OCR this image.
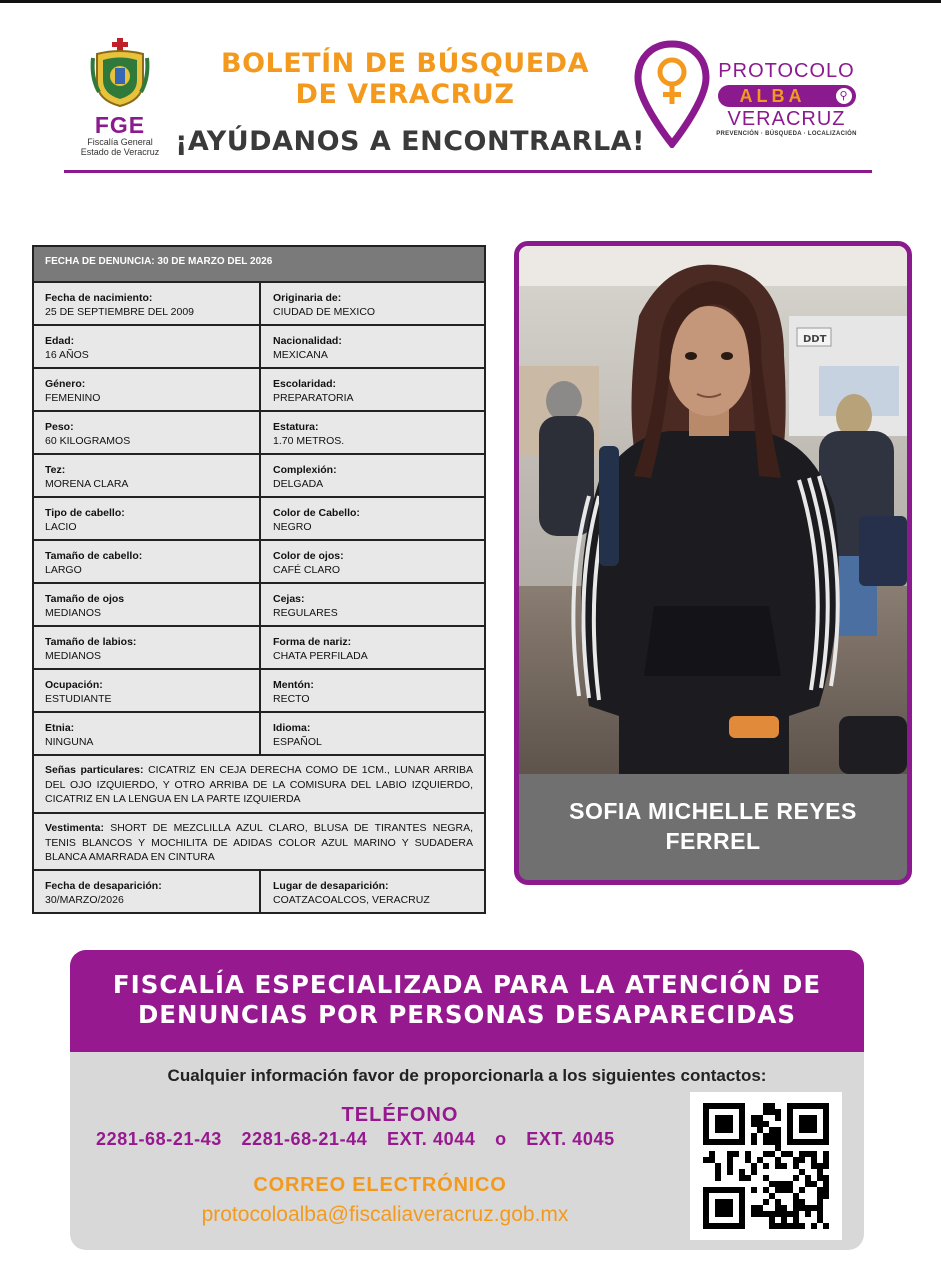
FGE
Fiscalía General
Estado de Veracruz
BOLETÍN DE BÚSQUEDA
DE VERACRUZ
¡AYÚDANOS A ENCONTRARLA!
PROTOCOLO
ALBA	⚲
VERACRUZ
PREVENCIÓN · BÚSQUEDA · LOCALIZACIÓN
FECHA DE DENUNCIA: 30 DE MARZO DEL 2026
Fecha de nacimiento:
25 DE SEPTIEMBRE DEL 2009
Originaria de:
CIUDAD DE MEXICO
Edad:
16 AÑOS
Nacionalidad:
MEXICANA
Género:
FEMENINO
Escolaridad:
PREPARATORIA
Peso:
60 KILOGRAMOS
Estatura:
1.70 METROS.
Tez:
MORENA CLARA
Complexión:
DELGADA
Tipo de cabello:
LACIO
Color de Cabello:
NEGRO
Tamaño de cabello:
LARGO
Color de ojos:
CAFÉ CLARO
Tamaño de ojos
MEDIANOS
Cejas:
REGULARES
Tamaño de labios:
MEDIANOS
Forma de nariz:
CHATA PERFILADA
Ocupación:
ESTUDIANTE
Mentón:
RECTO
Etnia:
NINGUNA
Idioma:
ESPAÑOL
Señas particulares: CICATRIZ EN CEJA DERECHA COMO DE 1CM., LUNAR ARRIBA DEL OJO IZQUIERDO, Y OTRO ARRIBA DE LA COMISURA DEL LABIO IZQUIERDO, CICATRIZ EN LA LENGUA EN LA PARTE IZQUIERDA
Vestimenta: SHORT DE MEZCLILLA AZUL CLARO, BLUSA DE TIRANTES NEGRA, TENIS BLANCOS Y MOCHILITA DE ADIDAS COLOR AZUL MARINO Y SUDADERA BLANCA AMARRADA EN CINTURA
Fecha de desaparición:
30/MARZO/2026
Lugar de desaparición:
COATZACOALCOS, VERACRUZ
DDT
SOFIA MICHELLE REYES
FERREL
FISCALÍA ESPECIALIZADA PARA LA ATENCIÓN DE
DENUNCIAS POR PERSONAS DESAPARECIDAS
Cualquier información favor de proporcionarla a los siguientes contactos:
TELÉFONO
2281-68-21-43 2281-68-21-44 EXT. 4044 o EXT. 4045
CORREO ELECTRÓNICO
protocoloalba@fiscaliaveracruz.gob.mx
